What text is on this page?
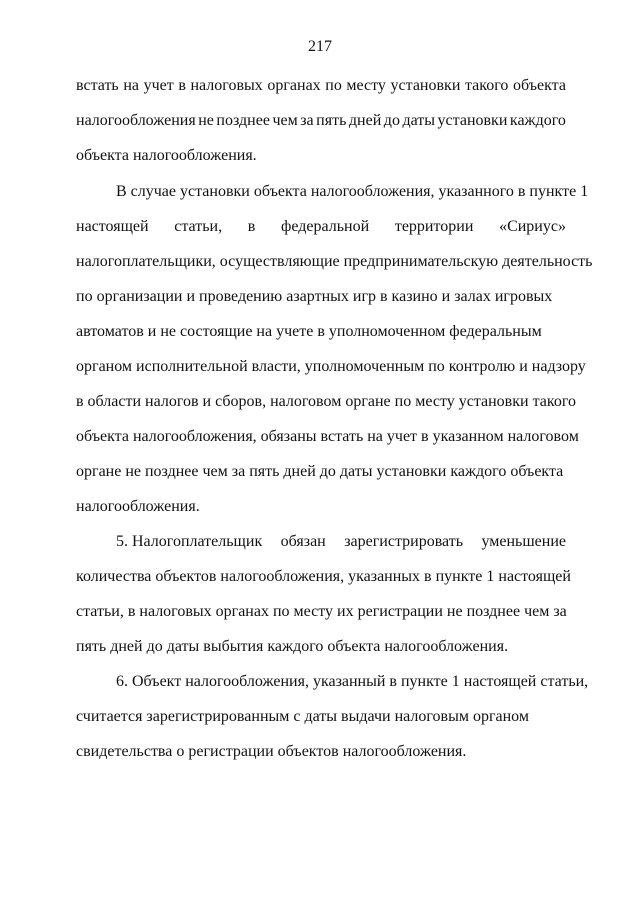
217
встать на учет в налоговых органах по месту установки такого объекта
налогообложения не позднее чем за пять дней до даты установки каждого
объекта налогообложения.
В случае установки объекта налогообложения, указанного в пункте 1
настоящей статьи, в федеральной территории «Сириус»
налогоплательщики, осуществляющие предпринимательскую деятельность
по организации и проведению азартных игр в казино и залах игровых
автоматов и не состоящие на учете в уполномоченном федеральным
органом исполнительной власти, уполномоченным по контролю и надзору
в области налогов и сборов, налоговом органе по месту установки такого
объекта налогообложения, обязаны встать на учет в указанном налоговом
органе не позднее чем за пять дней до даты установки каждого объекта
налогообложения.
5. Налогоплательщик обязан зарегистрировать уменьшение
количества объектов налогообложения, указанных в пункте 1 настоящей
статьи, в налоговых органах по месту их регистрации не позднее чем за
пять дней до даты выбытия каждого объекта налогообложения.
6. Объект налогообложения, указанный в пункте 1 настоящей статьи,
считается зарегистрированным с даты выдачи налоговым органом
свидетельства о регистрации объектов налогообложения.
